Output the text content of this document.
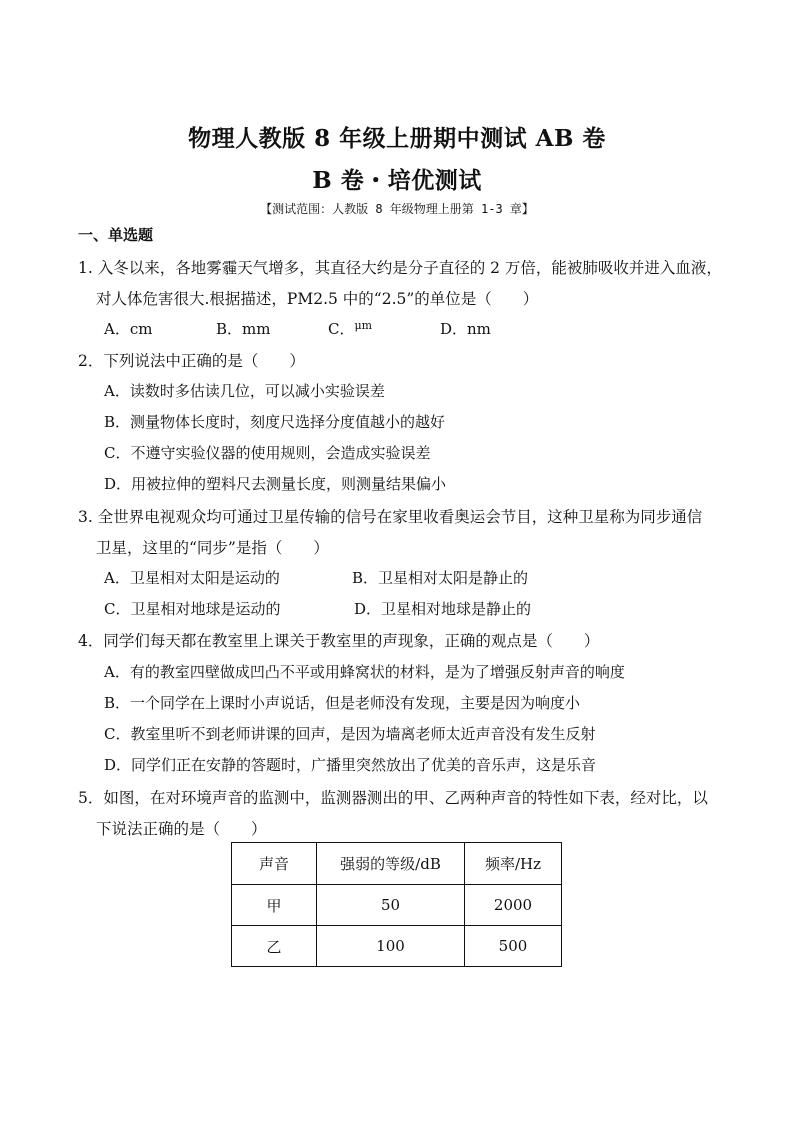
物理人教版 8 年级上册期中测试 AB 卷
B 卷・培优测试
【测试范围：人教版 8 年级物理上册第 1-3 章】
一、单选题
1. 入冬以来，各地雾霾天气增多，其直径大约是分子直径的 2 万倍，能被肺吸收并进入血液，
对人体危害很大.根据描述，PM2.5 中的“2.5”的单位是（　　）
A．cm	B．mm	C．$^{\mu m}$	D．nm
2．下列说法中正确的是（　　）
A．读数时多估读几位，可以减小实验误差
B．测量物体长度时，刻度尺选择分度值越小的越好
C．不遵守实验仪器的使用规则，会造成实验误差
D．用被拉伸的塑料尺去测量长度，则测量结果偏小
3. 全世界电视观众均可通过卫星传输的信号在家里收看奥运会节目，这种卫星称为同步通信
卫星，这里的“同步”是指（　　）
A．卫星相对太阳是运动的	B．卫星相对太阳是静止的
C．卫星相对地球是运动的	D．卫星相对地球是静止的
4．同学们每天都在教室里上课关于教室里的声现象，正确的观点是（　　）
A．有的教室四壁做成凹凸不平或用蜂窝状的材料，是为了增强反射声音的响度
B．一个同学在上课时小声说话，但是老师没有发现，主要是因为响度小
C．教室里听不到老师讲课的回声，是因为墙离老师太近声音没有发生反射
D．同学们正在安静的答题时，广播里突然放出了优美的音乐声，这是乐音
5．如图，在对环境声音的监测中，监测器测出的甲、乙两种声音的特性如下表，经对比，以
下说法正确的是（　　）
声音	强弱的等级/dB	频率/Hz
甲	50	2000
乙	100	500
